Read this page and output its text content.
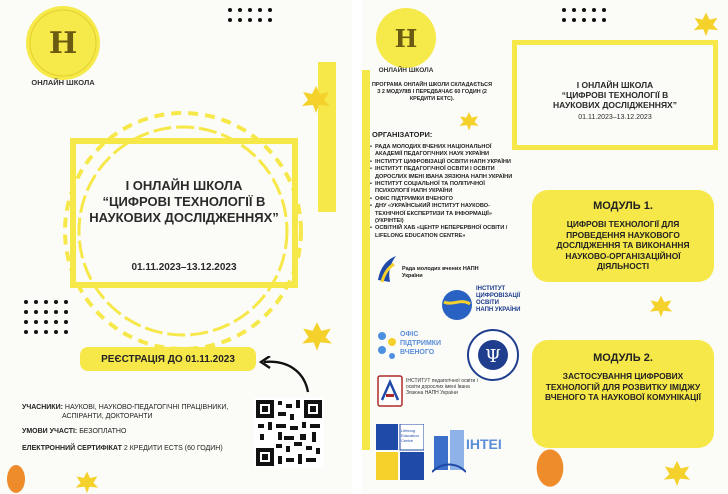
Н
ОНЛАЙН ШКОЛА
І ОНЛАЙН ШКОЛА
“ЦИФРОВІ ТЕХНОЛОГІЇ В
НАУКОВИХ ДОСЛІДЖЕННЯХ”
01.11.2023–13.12.2023
РЕЄСТРАЦІЯ ДО 01.11.2023
УЧАСНИКИ: НАУКОВІ, НАУКОВО-ПЕДАГОГІЧНІ ПРАЦІВНИКИ,
АСПІРАНТИ, ДОКТОРАНТИ
УМОВИ УЧАСТІ: БЕЗОПЛАТНО
ЕЛЕКТРОННИЙ СЕРТИФІКАТ 2 КРЕДИТИ ECTS (60 ГОДИН)
Н
ОНЛАЙН ШКОЛА
ПРОГРАМА ОНЛАЙН ШКОЛИ СКЛАДАЄТЬСЯ З 2 МОДУЛІВ І ПЕРЕДБАЧАЄ 60 ГОДИН (2 КРЕДИТИ ЕКТС).
ОРГАНІЗАТОРИ:
• РАДА МОЛОДИХ ВЧЕНИХ НАЦІОНАЛЬНОЇ АКАДЕМІЇ ПЕДАГОГІЧНИХ НАУК УКРАЇНИ
• ІНСТИТУТ ЦИФРОВІЗАЦІЇ ОСВІТИ НАПН УКРАЇНИ
• ІНСТИТУТ ПЕДАГОГІЧНОЇ ОСВІТИ І ОСВІТИ ДОРОСЛИХ ІМЕНІ ІВАНА ЗЯЗЮНА НАПН УКРАЇНИ
• ІНСТИТУТ СОЦІАЛЬНОЇ ТА ПОЛІТИЧНОЇ ПСИХОЛОГІЇ НАПН УКРАЇНИ
• ОФІС ПІДТРИМКИ ВЧЕНОГО
• ДНУ «УКРАЇНСЬКИЙ ІНСТИТУТ НАУКОВО-ТЕХНІЧНОЇ ЕКСПЕРТИЗИ ТА ІНФОРМАЦІЇ» (УКРІНТЕІ)
• ОСВІТНІЙ ХАБ «ЦЕНТР НЕПЕРЕРВНОЇ ОСВІТИ / LIFELONG EDUCATION CENTRE»
І ОНЛАЙН ШКОЛА
“ЦИФРОВІ ТЕХНОЛОГІЇ В
НАУКОВИХ ДОСЛІДЖЕННЯХ”
01.11.2023–13.12.2023
МОДУЛЬ 1.
ЦИФРОВІ ТЕХНОЛОГІЇ ДЛЯ ПРОВЕДЕННЯ НАУКОВОГО ДОСЛІДЖЕННЯ ТА ВИКОНАННЯ НАУКОВО-ОРГАНІЗАЦІЙНОЇ ДІЯЛЬНОСТІ
МОДУЛЬ 2.
ЗАСТОСУВАННЯ ЦИФРОВИХ ТЕХНОЛОГІЙ ДЛЯ РОЗВИТКУ ІМІДЖУ ВЧЕНОГО ТА НАУКОВОЇ КОМУНІКАЦІЇ
Рада молодих вчених НАПН України
ІНСТИТУТ
ЦИФРОВІЗАЦІЇ
ОСВІТИ
НАПН УКРАЇНИ
ОФІС
ПІДТРИМКИ
ВЧЕНОГО	Ψ
ІНСТИТУТ педагогічної освіти і освіти дорослих імені Івана Зязюна НАПН України
Lifelong Education Centre	ІНТЕІ
